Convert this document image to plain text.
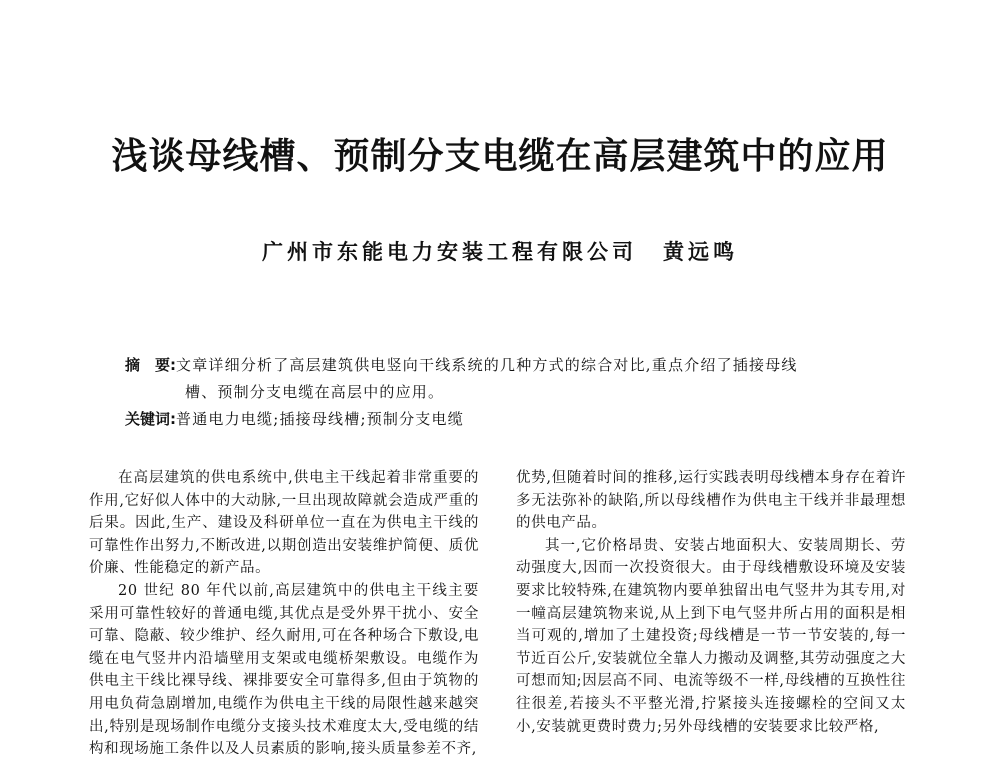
浅谈母线槽、预制分支电缆在高层建筑中的应用
广州市东能电力安装工程有限公司 黄远鸣
摘　要:文章详细分析了高层建筑供电竖向干线系统的几种方式的综合对比,重点介绍了插接母线
槽、预制分支电缆在高层中的应用。
关键词:普通电力电缆;插接母线槽;预制分支电缆

在高层建筑的供电系统中,供电主干线起着非常重要的作用,它好似人体中的大动脉,一旦出现故障就会造成严重的后果。因此,生产、建设及科研单位一直在为供电主干线的可靠性作出努力,不断改进,以期创造出安装维护简便、质优价廉、性能稳定的新产品。

20 世纪 80 年代以前,高层建筑中的供电主干线主要采用可靠性较好的普通电缆,其优点是受外界干扰小、安全可靠、隐蔽、较少维护、经久耐用,可在各种场合下敷设,电缆在电气竖井内沿墙壁用支架或电缆桥架敷设。电缆作为供电主干线比裸导线、裸排要安全可靠得多,但由于筑物的用电负荷急剧增加,电缆作为供电主干线的局限性越来越突出,特别是现场制作电缆分支接头技术难度太大,受电缆的结构和现场施工条件以及人员素质的影响,接头质量参差不齐,

优势,但随着时间的推移,运行实践表明母线槽本身存在着许多无法弥补的缺陷,所以母线槽作为供电主干线并非最理想的供电产品。

其一,它价格昂贵、安装占地面积大、安装周期长、劳动强度大,因而一次投资很大。由于母线槽敷设环境及安装要求比较特殊,在建筑物内要单独留出电气竖井为其专用,对一幢高层建筑物来说,从上到下电气竖井所占用的面积是相当可观的,增加了土建投资;母线槽是一节一节安装的,每一节近百公斤,安装就位全靠人力搬动及调整,其劳动强度之大可想而知;因层高不同、电流等级不一样,母线槽的互换性往往很差,若接头不平整光滑,拧紧接头连接螺栓的空间又太小,安装就更费时费力;另外母线槽的安装要求比较严格,
